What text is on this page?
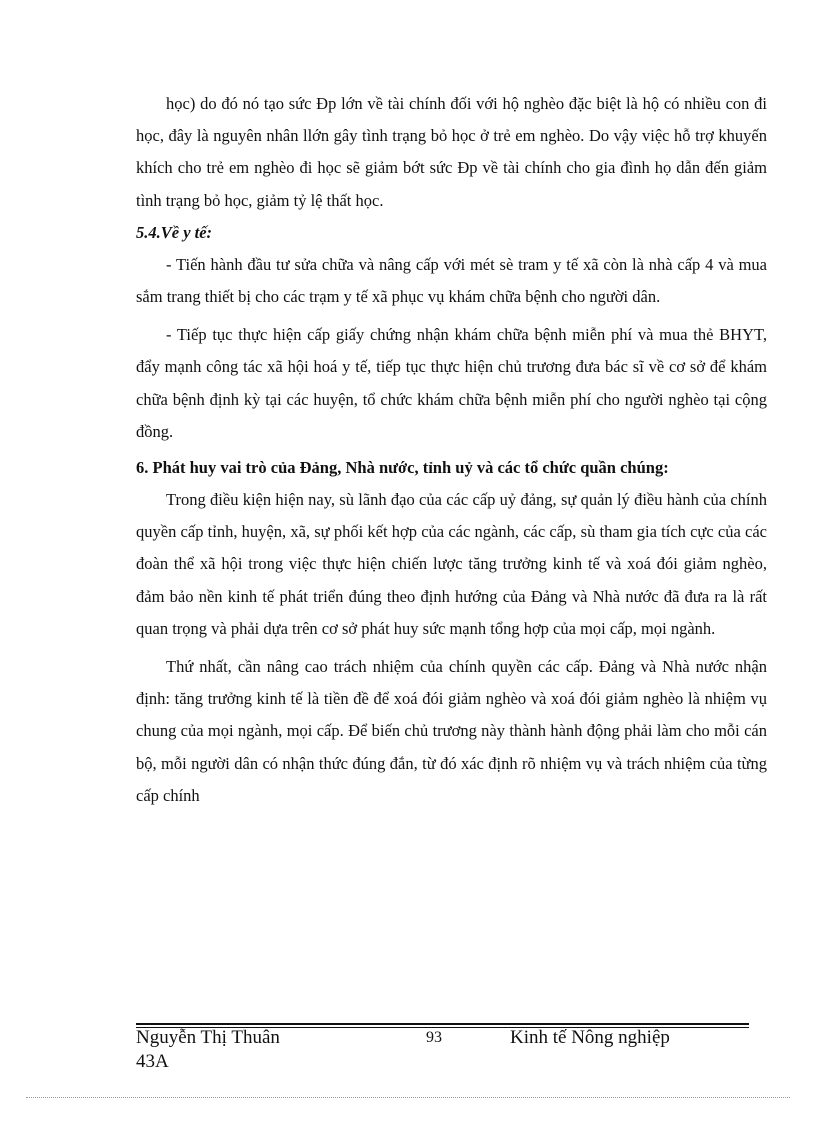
học) do đó nó tạo sức Ðp lớn về tài chính đối với hộ nghèo đặc biệt là hộ có nhiều con đi học, đây là nguyên nhân llớn gây tình trạng bỏ học ở trẻ em nghèo. Do vậy việc hỗ trợ khuyến khích cho trẻ em nghèo đi học sẽ giảm bớt sức Ðp về tài chính cho gia đình họ dẫn đến giảm tình trạng bỏ học, giảm tỷ lệ thất học.

5.4.Về y tế:

- Tiến hành đầu tư sửa chữa và nâng cấp với mét sè tram y tế xã còn là nhà cấp 4 và mua sắm trang thiết bị cho các trạm y tế xã phục vụ khám chữa bệnh cho người dân.

- Tiếp tục thực hiện cấp giấy chứng nhận khám chữa bệnh miễn phí và mua thẻ BHYT, đẩy mạnh công tác xã hội hoá y tế, tiếp tục thực hiện chủ trương đưa bác sĩ về cơ sở để khám chữa bệnh định kỳ tại các huyện, tổ chức khám chữa bệnh miễn phí cho người nghèo tại cộng đồng.

6. Phát huy vai trò của Đảng, Nhà nước, tỉnh uỷ và các tổ chức quần chúng:

Trong điều kiện hiện nay, sù lãnh đạo của các cấp uỷ đảng, sự quản lý điều hành của chính quyền cấp tỉnh, huyện, xã, sự phối kết hợp của các ngành, các cấp, sù tham gia tích cực của các đoàn thể xã hội trong việc thực hiện chiến lược tăng trưởng kinh tế và xoá đói giảm nghèo, đảm bảo nền kinh tế phát triển đúng theo định hướng của Đảng và Nhà nước đã đưa ra là rất quan trọng và phải dựa trên cơ sở phát huy sức mạnh tổng hợp của mọi cấp, mọi ngành.

Thứ nhất, cần nâng cao trách nhiệm của chính quyền các cấp. Đảng và Nhà nước nhận định: tăng trưởng kinh tế là tiền đề để xoá đói giảm nghèo và xoá đói giảm nghèo là nhiệm vụ chung của mọi ngành, mọi cấp. Để biến chủ trương này thành hành động phải làm cho mỗi cán bộ, mỗi người dân có nhận thức đúng đắn, từ đó xác định rõ nhiệm vụ và trách nhiệm của từng cấp chính

Nguyễn Thị Thuân 43A
93	Kinh tế Nông nghiệp
